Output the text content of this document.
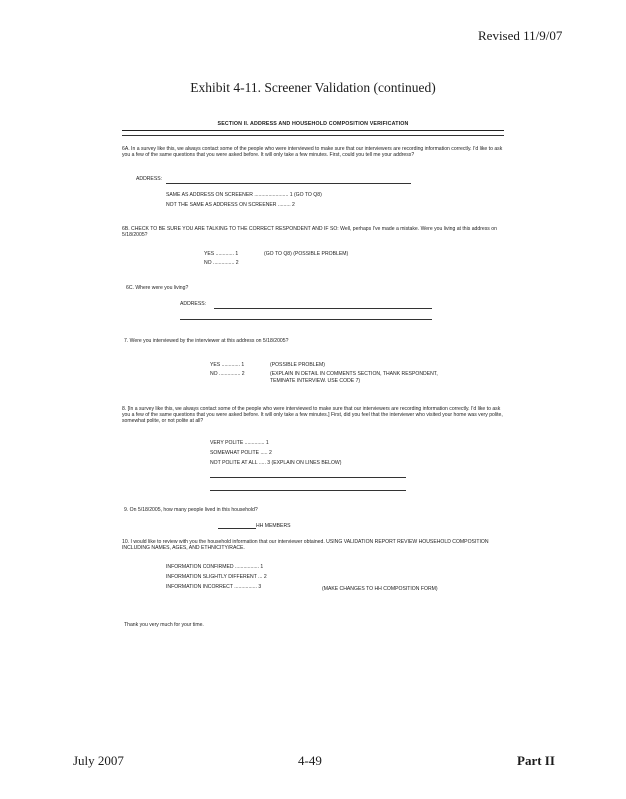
Revised 11/9/07
Exhibit 4-11. Screener Validation (continued)
SECTION II. ADDRESS AND HOUSEHOLD COMPOSITION VERIFICATION
6A. In a survey like this, we always contact some of the people who were interviewed to make sure that our interviewers are recording information correctly. I'd like to ask you a few of the same questions that you were asked before. It will only take a few minutes. First, could you tell me your address?
ADDRESS:
SAME AS ADDRESS ON SCREENER ........................ 1 (GO TO Q8)
NOT THE SAME AS ADDRESS ON SCREENER ......... 2
6B. CHECK TO BE SURE YOU ARE TALKING TO THE CORRECT RESPONDENT AND IF SO: Well, perhaps I've made a mistake. Were you living at this address on 5/18/2005?
YES ............. 1	(GO TO Q8) (POSSIBLE PROBLEM)
NO ............... 2
6C. Where were you living?
ADDRESS:
7. Were you interviewed by the interviewer at this address on 5/18/2005?
YES ............. 1	(POSSIBLE PROBLEM)
NO ............... 2	(EXPLAIN IN DETAIL IN COMMENTS SECTION, THANK RESPONDENT,
TEMINATE INTERVIEW. USE CODE 7)
8. [In a survey like this, we always contact some of the people who were interviewed to make sure that our interviewers are recording information correctly. I'd like to ask you a few of the same questions that you were asked before. It will only take a few minutes.] First, did you feel that the interviewer who visited your home was very polite, somewhat polite, or not polite at all?
VERY POLITE .............. 1
SOMEWHAT POLITE ..... 2
NOT POLITE AT ALL ..... 3 (EXPLAIN ON LINES BELOW)
9. On 5/18/2005, how many people lived in this household?
HH MEMBERS
10. I would like to review with you the household information that our interviewer obtained. USING VALIDATION REPORT REVIEW HOUSEHOLD COMPOSITION INCLUDING NAMES, AGES, AND ETHNICITY/RACE.
INFORMATION CONFIRMED ................. 1
INFORMATION SLIGHTLY DIFFERENT ... 2
INFORMATION INCORRECT ................ 3	(MAKE CHANGES TO HH COMPOSITION FORM)
Thank you very much for your time.
July 2007	4-49	Part II
